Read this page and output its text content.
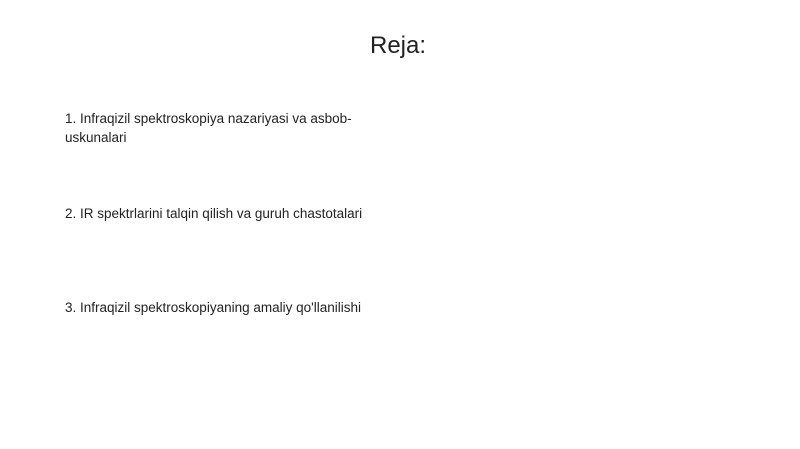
Reja:
1. Infraqizil spektroskopiya nazariyasi va asbob-uskunalari
2. IR spektrlarini talqin qilish va guruh chastotalari
3. Infraqizil spektroskopiyaning amaliy qo'llanilishi
